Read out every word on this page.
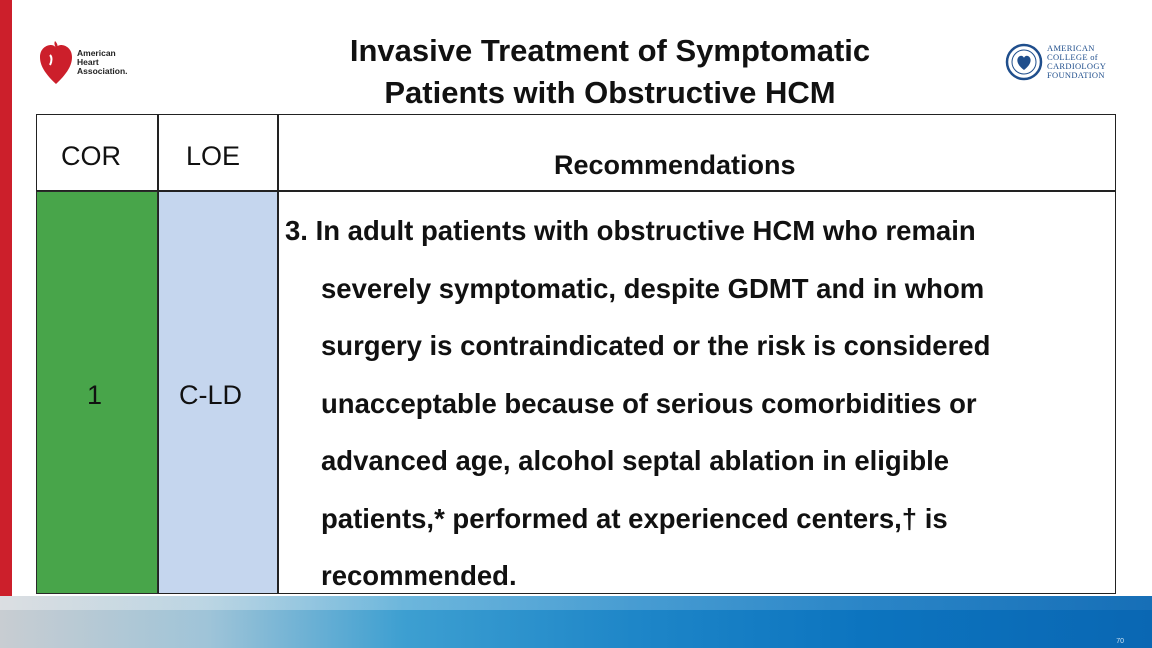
American
Heart
Association.
Invasive Treatment of Symptomatic
Patients with Obstructive HCM
AMERICAN
COLLEGE of
CARDIOLOGY
FOUNDATION
COR LOE	Recommendations
1	C-LD
3. In adult patients with obstructive HCM who remain
severely symptomatic, despite GDMT and in whom
surgery is contraindicated or the risk is considered
unacceptable because of serious comorbidities or
advanced age, alcohol septal ablation in eligible
patients,* performed at experienced centers,† is
recommended.
70
